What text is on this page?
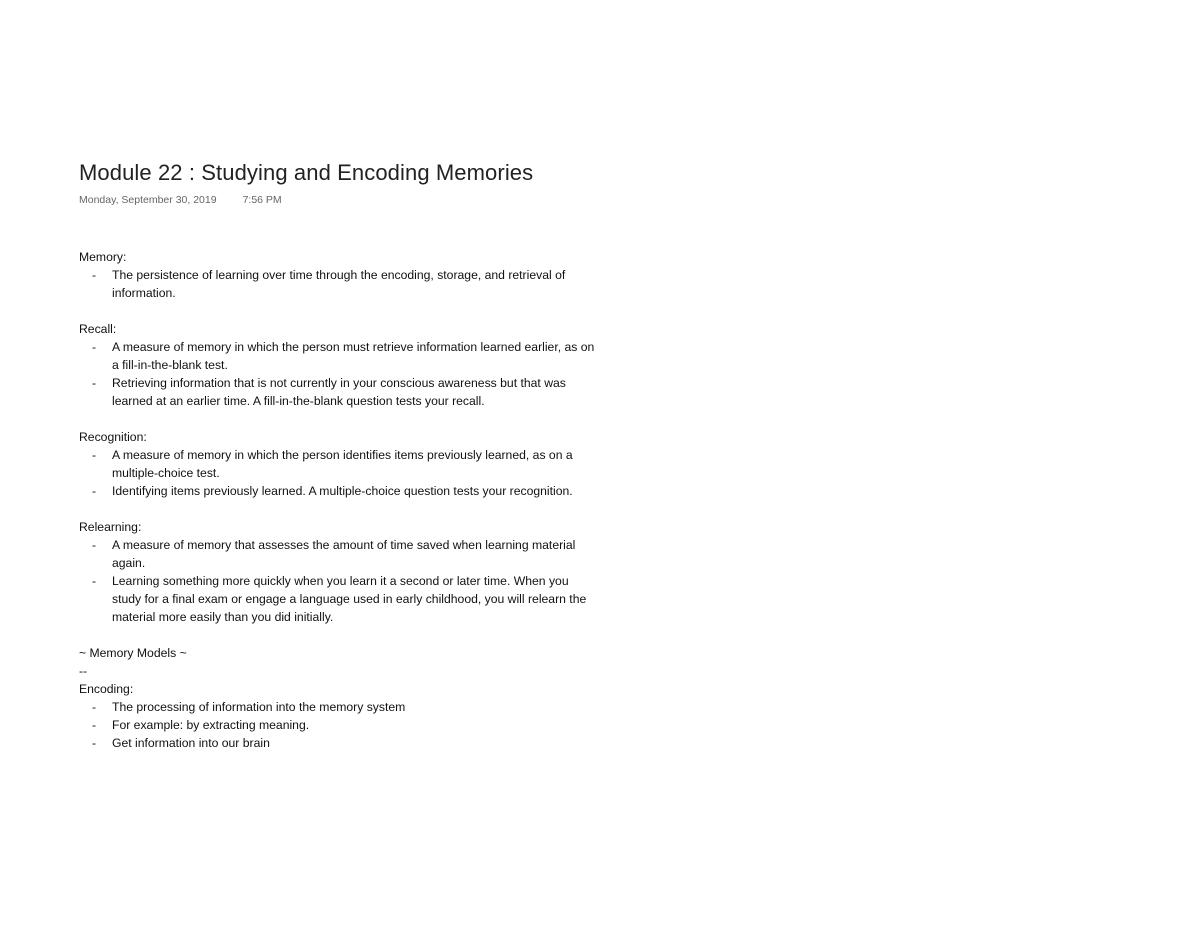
Module 22 : Studying and Encoding Memories
Monday, September 30, 2019 7:56 PM
Memory:
- The persistence of learning over time through the encoding, storage, and retrieval of information.
Recall:
- A measure of memory in which the person must retrieve information learned earlier, as on a fill-in-the-blank test.
- Retrieving information that is not currently in your conscious awareness but that was learned at an earlier time. A fill-in-the-blank question tests your recall.
Recognition:
- A measure of memory in which the person identifies items previously learned, as on a multiple-choice test.
- Identifying items previously learned. A multiple-choice question tests your recognition.
Relearning:
- A measure of memory that assesses the amount of time saved when learning material again.
- Learning something more quickly when you learn it a second or later time. When you study for a final exam or engage a language used in early childhood, you will relearn the material more easily than you did initially.
~ Memory Models ~
--
Encoding:
- The processing of information into the memory system
- For example: by extracting meaning.
- Get information into our brain
